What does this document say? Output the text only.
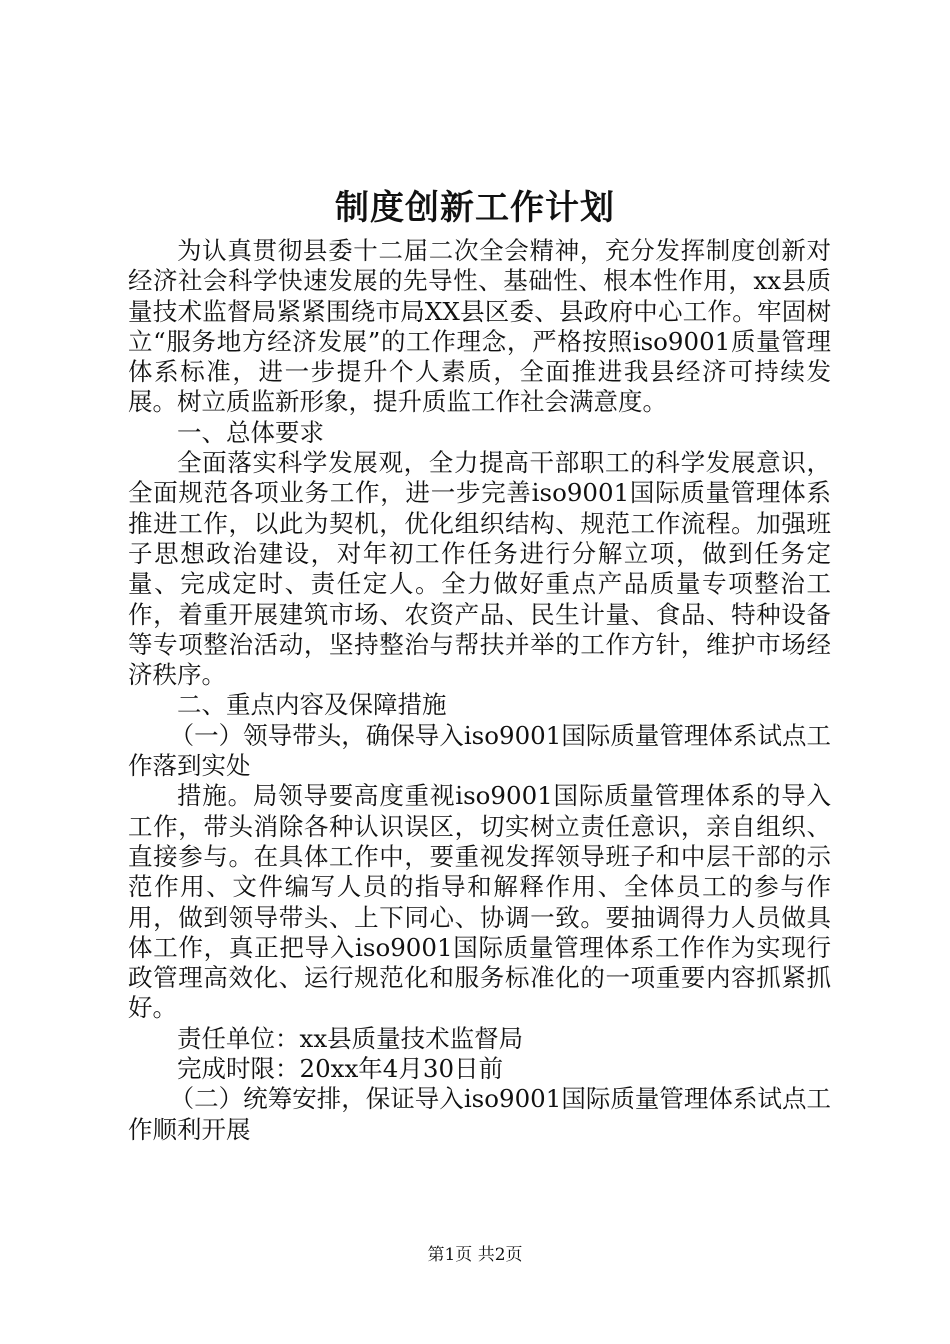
制度创新工作计划

为认真贯彻县委十二届二次全会精神，充分发挥制度创新对经济社会科学快速发展的先导性、基础性、根本性作用，xx县质量技术监督局紧紧围绕市局XX县区委、县政府中心工作。牢固树立“服务地方经济发展”的工作理念，严格按照iso9001质量管理体系标准，进一步提升个人素质，全面推进我县经济可持续发展。树立质监新形象，提升质监工作社会满意度。

一、总体要求

全面落实科学发展观，全力提高干部职工的科学发展意识，全面规范各项业务工作，进一步完善iso9001国际质量管理体系推进工作，以此为契机，优化组织结构、规范工作流程。加强班子思想政治建设，对年初工作任务进行分解立项，做到任务定量、完成定时、责任定人。全力做好重点产品质量专项整治工作，着重开展建筑市场、农资产品、民生计量、食品、特种设备等专项整治活动，坚持整治与帮扶并举的工作方针，维护市场经济秩序。

二、重点内容及保障措施

（一）领导带头，确保导入iso9001国际质量管理体系试点工作落到实处

措施。局领导要高度重视iso9001国际质量管理体系的导入工作，带头消除各种认识误区，切实树立责任意识，亲自组织、直接参与。在具体工作中，要重视发挥领导班子和中层干部的示范作用、文件编写人员的指导和解释作用、全体员工的参与作用，做到领导带头、上下同心、协调一致。要抽调得力人员做具体工作，真正把导入iso9001国际质量管理体系工作作为实现行政管理高效化、运行规范化和服务标准化的一项重要内容抓紧抓好。

责任单位：xx县质量技术监督局

完成时限：20xx年4月30日前

（二）统筹安排，保证导入iso9001国际质量管理体系试点工作顺利开展

第1页 共2页
